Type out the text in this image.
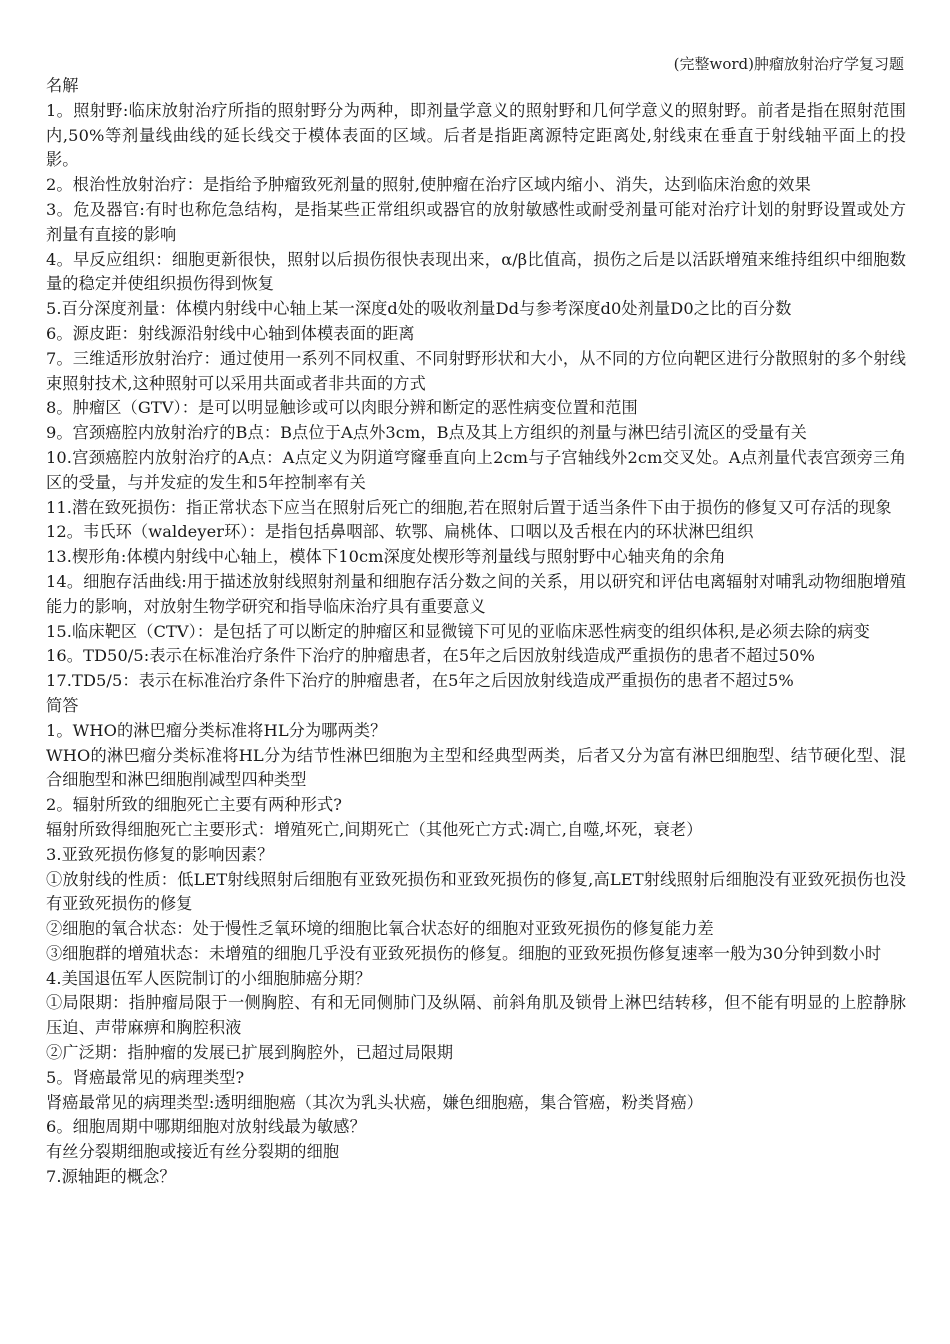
(完整word)肿瘤放射治疗学复习题

名解

1。照射野:临床放射治疗所指的照射野分为两种，即剂量学意义的照射野和几何学意义的照射野。前者是指在照射范围内,50%等剂量线曲线的延长线交于模体表面的区域。后者是指距离源特定距离处,射线束在垂直于射线轴平面上的投影。

2。根治性放射治疗：是指给予肿瘤致死剂量的照射,使肿瘤在治疗区域内缩小、消失，达到临床治愈的效果

3。危及器官:有时也称危急结构，是指某些正常组织或器官的放射敏感性或耐受剂量可能对治疗计划的射野设置或处方剂量有直接的影响

4。早反应组织：细胞更新很快，照射以后损伤很快表现出来，α/β比值高，损伤之后是以活跃增殖来维持组织中细胞数量的稳定并使组织损伤得到恢复

5.百分深度剂量：体模内射线中心轴上某一深度d处的吸收剂量Dd与参考深度d0处剂量D0之比的百分数

6。源皮距：射线源沿射线中心轴到体模表面的距离

7。三维适形放射治疗：通过使用一系列不同权重、不同射野形状和大小，从不同的方位向靶区进行分散照射的多个射线束照射技术,这种照射可以采用共面或者非共面的方式

8。肿瘤区（GTV）：是可以明显触诊或可以肉眼分辨和断定的恶性病变位置和范围

9。宫颈癌腔内放射治疗的B点：B点位于A点外3cm，B点及其上方组织的剂量与淋巴结引流区的受量有关

10.宫颈癌腔内放射治疗的A点：A点定义为阴道穹窿垂直向上2cm与子宫轴线外2cm交叉处。A点剂量代表宫颈旁三角区的受量，与并发症的发生和5年控制率有关

11.潜在致死损伤：指正常状态下应当在照射后死亡的细胞,若在照射后置于适当条件下由于损伤的修复又可存活的现象

12。韦氏环（waldeyer环）：是指包括鼻咽部、软鄂、扁桃体、口咽以及舌根在内的环状淋巴组织

13.楔形角:体模内射线中心轴上，模体下10cm深度处楔形等剂量线与照射野中心轴夹角的余角

14。细胞存活曲线:用于描述放射线照射剂量和细胞存活分数之间的关系，用以研究和评估电离辐射对哺乳动物细胞增殖能力的影响，对放射生物学研究和指导临床治疗具有重要意义

15.临床靶区（CTV）：是包括了可以断定的肿瘤区和显微镜下可见的亚临床恶性病变的组织体积,是必须去除的病变

16。TD50/5:表示在标准治疗条件下治疗的肿瘤患者，在5年之后因放射线造成严重损伤的患者不超过50%

17.TD5/5：表示在标准治疗条件下治疗的肿瘤患者，在5年之后因放射线造成严重损伤的患者不超过5%

简答

1。WHO的淋巴瘤分类标准将HL分为哪两类？

WHO的淋巴瘤分类标准将HL分为结节性淋巴细胞为主型和经典型两类，后者又分为富有淋巴细胞型、结节硬化型、混合细胞型和淋巴细胞削减型四种类型

2。辐射所致的细胞死亡主要有两种形式?

辐射所致得细胞死亡主要形式：增殖死亡,间期死亡（其他死亡方式:凋亡,自噬,坏死，衰老）

3.亚致死损伤修复的影响因素？

①放射线的性质：低LET射线照射后细胞有亚致死损伤和亚致死损伤的修复,高LET射线照射后细胞没有亚致死损伤也没有亚致死损伤的修复

②细胞的氧合状态：处于慢性乏氧环境的细胞比氧合状态好的细胞对亚致死损伤的修复能力差

③细胞群的增殖状态：未增殖的细胞几乎没有亚致死损伤的修复。细胞的亚致死损伤修复速率一般为30分钟到数小时

4.美国退伍军人医院制订的小细胞肺癌分期？

①局限期：指肿瘤局限于一侧胸腔、有和无同侧肺门及纵隔、前斜角肌及锁骨上淋巴结转移，但不能有明显的上腔静脉压迫、声带麻痹和胸腔积液

②广泛期：指肿瘤的发展已扩展到胸腔外，已超过局限期

5。肾癌最常见的病理类型?

肾癌最常见的病理类型:透明细胞癌（其次为乳头状癌，嫌色细胞癌，集合管癌，粉类肾癌）

6。细胞周期中哪期细胞对放射线最为敏感？

有丝分裂期细胞或接近有丝分裂期的细胞

7.源轴距的概念？
